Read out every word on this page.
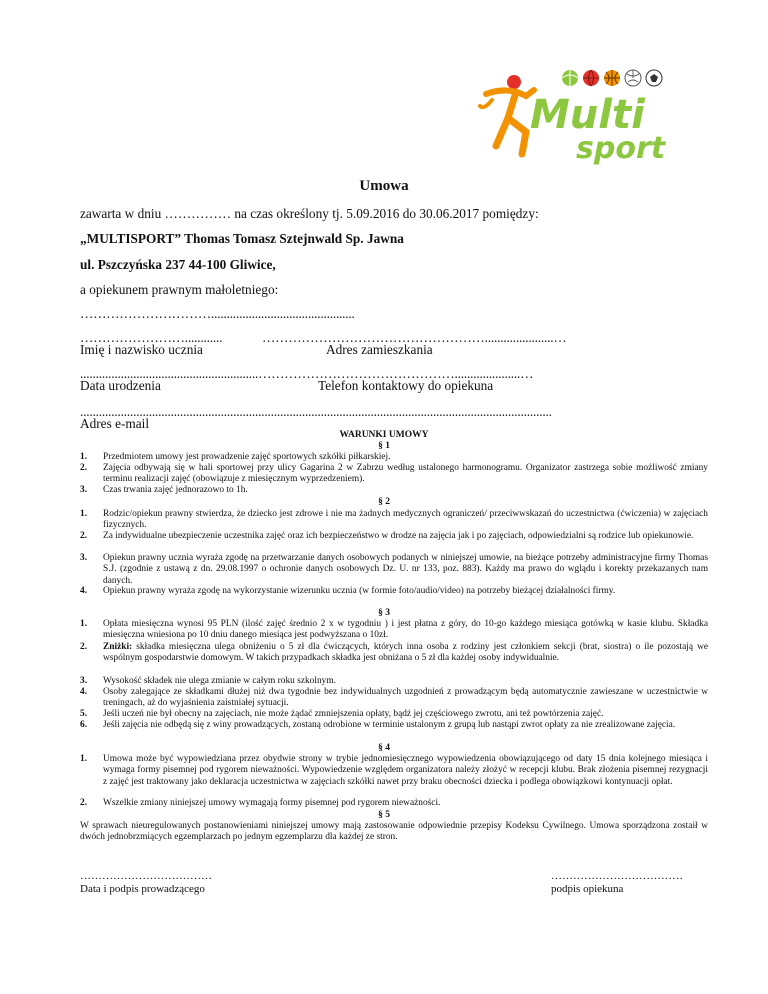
Multi
sport
Umowa
zawarta w dniu …………… na czas określony tj. 5.09.2016 do 30.06.2017 pomiędzy:
„MULTISPORT” Thomas Tomasz Sztejnwald Sp. Jawna
ul. Pszczyńska 237 44-100 Gliwice,
a opiekunem prawnym małoletniego:
…………………………..............................................
……………………............	……………………………………………......................…
Imię i nazwisko ucznia	Adres zamieszkania
.........................................................……………………………………….....................…
Data urodzenia	Telefon kontaktowy do opiekuna
.......................................................................................................................................................
Adres e-mail
WARUNKI UMOWY
§ 1
1. Przedmiotem umowy jest prowadzenie zajęć sportowych szkółki piłkarskiej.
2. Zajęcia odbywają się w hali sportowej przy ulicy Gagarina 2 w Zabrzu według ustalonego harmonogramu. Organizator zastrzega sobie możliwość zmiany terminu realizacji zajęć (obowiązuje z miesięcznym wyprzedzeniem).
3. Czas trwania zajęć jednorazowo to 1h.
§ 2
1. Rodzic/opiekun prawny stwierdza, że dziecko jest zdrowe i nie ma żadnych medycznych ograniczeń/ przeciwwskazań do uczestnictwa (ćwiczenia) w zajęciach fizycznych.
2. Za indywidualne ubezpieczenie uczestnika zajęć oraz ich bezpieczeństwo w drodze na zajęcia jak i po zajęciach, odpowiedzialni są rodzice lub opiekunowie.
3. Opiekun prawny ucznia wyraża zgodę na przetwarzanie danych osobowych podanych w niniejszej umowie, na bieżące potrzeby administracyjne firmy Thomas S.J. (zgodnie z ustawą z dn. 29.08.1997 o ochronie danych osobowych Dz. U. nr 133, poz. 883). Każdy ma prawo do wglądu i korekty przekazanych nam danych.
4. Opiekun prawny wyraża zgodę na wykorzystanie wizerunku ucznia (w formie foto/audio/video) na potrzeby bieżącej działalności firmy.
§ 3
1. Opłata miesięczna wynosi 95 PLN (ilość zajęć średnio 2 x w tygodniu ) i jest płatna z góry, do 10-go każdego miesiąca gotówką w kasie klubu. Składka miesięczna wniesiona po 10 dniu danego miesiąca jest podwyższana o 10zł.
2. Zniżki: składka miesięczna ulega obniżeniu o 5 zł dla ćwiczących, których inna osoba z rodziny jest członkiem sekcji (brat, siostra) o ile pozostają we wspólnym gospodarstwie domowym. W takich przypadkach składka jest obniżana o 5 zł dla każdej osoby indywidualnie.
3. Wysokość składek nie ulega zmianie w całym roku szkolnym.
4. Osoby zalegające ze składkami dłużej niż dwa tygodnie bez indywidualnych uzgodnień z prowadzącym będą automatycznie zawieszane w uczestnictwie w treningach, aż do wyjaśnienia zaistniałej sytuacji.
5. Jeśli uczeń nie był obecny na zajęciach, nie może żądać zmniejszenia opłaty, bądź jej częściowego zwrotu, ani też powtórzenia zajęć.
6. Jeśli zajęcia nie odbędą się z winy prowadzących, zostaną odrobione w terminie ustalonym z grupą lub nastąpi zwrot opłaty za nie zrealizowane zajęcia.
§ 4
1. Umowa może być wypowiedziana przez obydwie strony w trybie jednomiesięcznego wypowiedzenia obowiązującego od daty 15 dnia kolejnego miesiąca i wymaga formy pisemnej pod rygorem nieważności. Wypowiedzenie względem organizatora należy złożyć w recepcji klubu. Brak złożenia pisemnej rezygnacji z zajęć jest traktowany jako deklaracja uczestnictwa w zajęciach szkółki nawet przy braku obecności dziecka i podlega obowiązkowi kontynuacji opłat.
2. Wszelkie zmiany niniejszej umowy wymagają formy pisemnej pod rygorem nieważności.
§ 5
W sprawach nieuregulowanych postanowieniami niniejszej umowy mają zastosowanie odpowiednie przepisy Kodeksu Cywilnego. Umowa sporządzona zostaił w dwóch jednobrzmiących egzemplarzach po jednym egzemplarzu dla każdej ze stron.
………………………………
Data i podpis prowadzącego
………………………………
podpis opiekuna
